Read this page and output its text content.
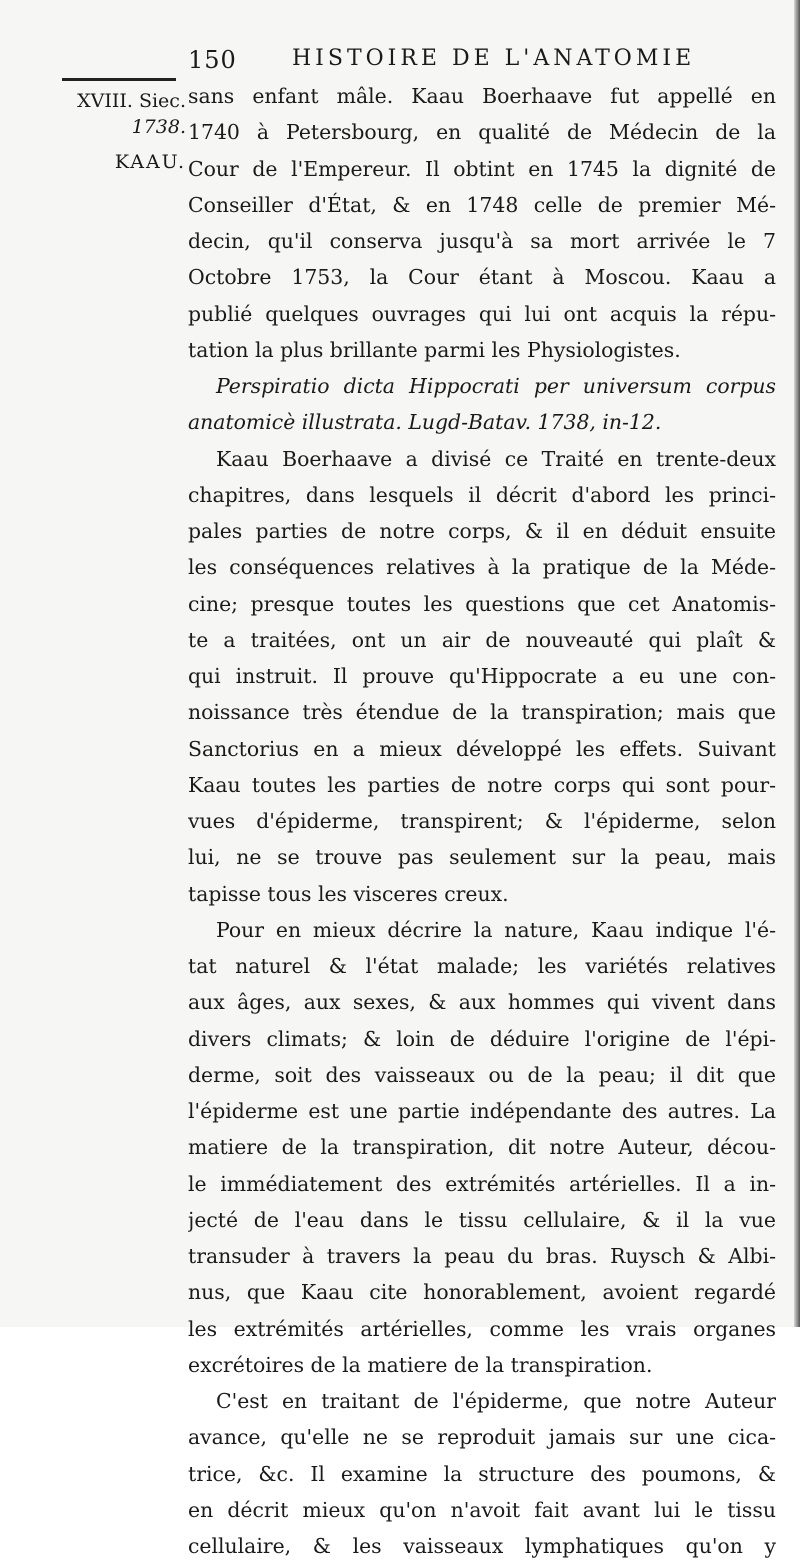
150	HISTOIRE DE L'ANATOMIE
XVIII. Siec.
1738.
KAAU.
sans enfant mâle. Kaau Boerhaave fut appellé en
1740 à Petersbourg, en qualité de Médecin de la
Cour de l'Empereur. Il obtint en 1745 la dignité de
Conseiller d'État, & en 1748 celle de premier Mé-
decin, qu'il conserva jusqu'à sa mort arrivée le 7
Octobre 1753, la Cour étant à Moscou. Kaau a
publié quelques ouvrages qui lui ont acquis la répu-
tation la plus brillante parmi les Physiologistes.
Perspiratio dicta Hippocrati per universum corpus
anatomicè illustrata. Lugd-Batav. 1738, in-12.
Kaau Boerhaave a divisé ce Traité en trente-deux
chapitres, dans lesquels il décrit d'abord les princi-
pales parties de notre corps, & il en déduit ensuite
les conséquences relatives à la pratique de la Méde-
cine; presque toutes les questions que cet Anatomis-
te a traitées, ont un air de nouveauté qui plaît &
qui instruit. Il prouve qu'Hippocrate a eu une con-
noissance très étendue de la transpiration; mais que
Sanctorius en a mieux développé les effets. Suivant
Kaau toutes les parties de notre corps qui sont pour-
vues d'épiderme, transpirent; & l'épiderme, selon
lui, ne se trouve pas seulement sur la peau, mais
tapisse tous les visceres creux.
Pour en mieux décrire la nature, Kaau indique l'é-
tat naturel & l'état malade; les variétés relatives
aux âges, aux sexes, & aux hommes qui vivent dans
divers climats; & loin de déduire l'origine de l'épi-
derme, soit des vaisseaux ou de la peau; il dit que
l'épiderme est une partie indépendante des autres. La
matiere de la transpiration, dit notre Auteur, décou-
le immédiatement des extrémités artérielles. Il a in-
jecté de l'eau dans le tissu cellulaire, & il la vue
transuder à travers la peau du bras. Ruysch & Albi-
nus, que Kaau cite honorablement, avoient regardé
les extrémités artérielles, comme les vrais organes
excrétoires de la matiere de la transpiration.
C'est en traitant de l'épiderme, que notre Auteur
avance, qu'elle ne se reproduit jamais sur une cica-
trice, &c. Il examine la structure des poumons, &
en décrit mieux qu'on n'avoit fait avant lui le tissu
cellulaire, & les vaisseaux lymphatiques qu'on y
